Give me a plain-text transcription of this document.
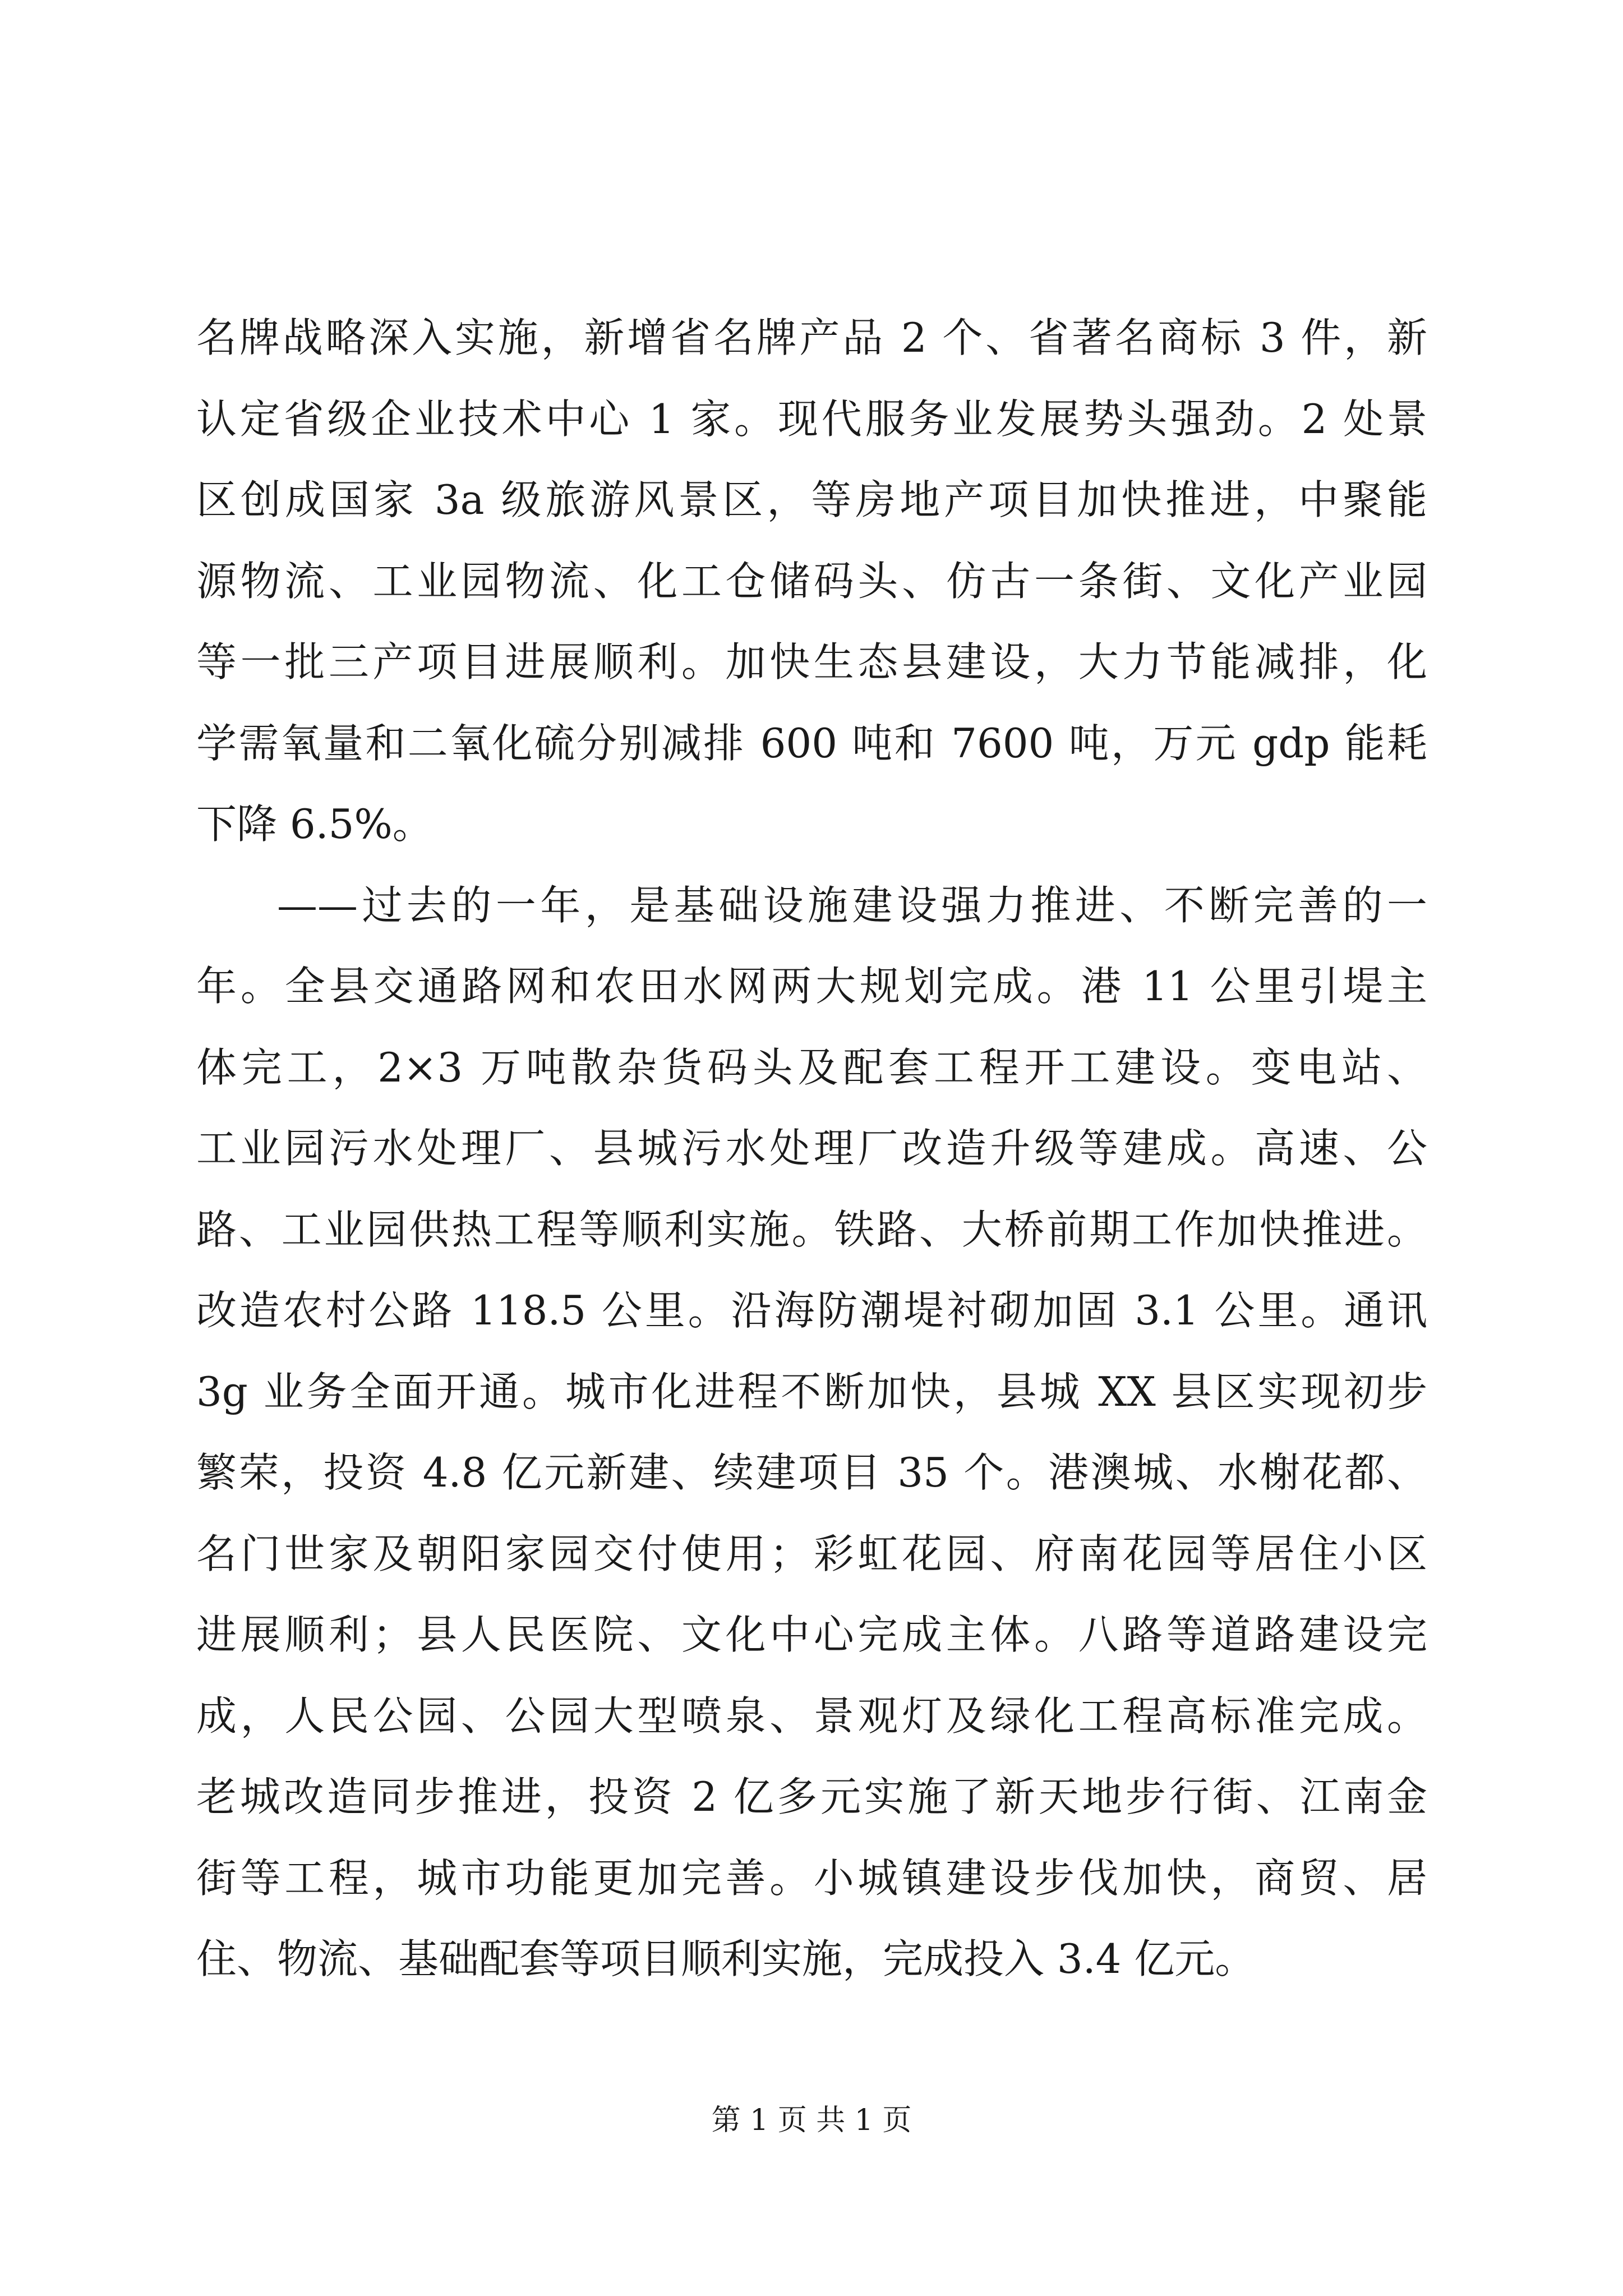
名牌战略深入实施，新增省名牌产品 2 个、省著名商标 3 件，新
认定省级企业技术中心 1 家。现代服务业发展势头强劲。2 处景
区创成国家 3a 级旅游风景区，等房地产项目加快推进，中聚能
源物流、工业园物流、化工仓储码头、仿古一条街、文化产业园
等一批三产项目进展顺利。加快生态县建设，大力节能减排，化
学需氧量和二氧化硫分别减排 600 吨和 7600 吨，万元 gdp 能耗
下降 6.5%。
——过去的一年，是基础设施建设强力推进、不断完善的一
年。全县交通路网和农田水网两大规划完成。港 11 公里引堤主
体完工，2×3 万吨散杂货码头及配套工程开工建设。变电站、
工业园污水处理厂、县城污水处理厂改造升级等建成。高速、公
路、工业园供热工程等顺利实施。铁路、大桥前期工作加快推进。
改造农村公路 118.5 公里。沿海防潮堤衬砌加固 3.1 公里。通讯
3g 业务全面开通。城市化进程不断加快，县城 XX 县区实现初步
繁荣，投资 4.8 亿元新建、续建项目 35 个。港澳城、水榭花都、
名门世家及朝阳家园交付使用；彩虹花园、府南花园等居住小区
进展顺利；县人民医院、文化中心完成主体。八路等道路建设完
成，人民公园、公园大型喷泉、景观灯及绿化工程高标准完成。
老城改造同步推进，投资 2 亿多元实施了新天地步行街、江南金
街等工程，城市功能更加完善。小城镇建设步伐加快，商贸、居
住、物流、基础配套等项目顺利实施，完成投入 3.4 亿元。
第 1 页 共 1 页
